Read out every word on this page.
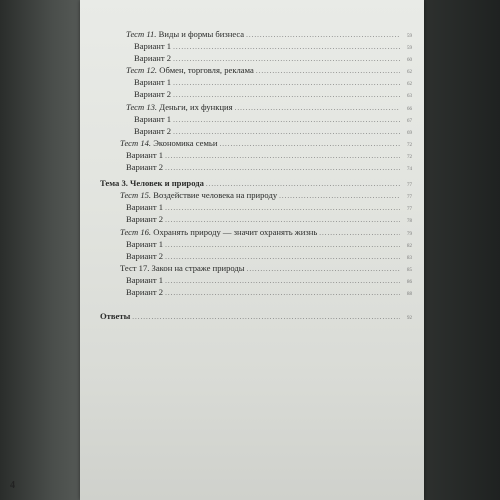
Тест 11. Виды и формы бизнеса .....	59
Вариант 1 .....	59
Вариант 2 .....	60
Тест 12. Обмен, торговля, реклама .....	62
Вариант 1 .....	62
Вариант 2 .....	63
Тест 13. Деньги, их функция .....	66
Вариант 1 .....	67
Вариант 2 .....	69
Тест 14. Экономика семьи .....	72
Вариант 1 .....	72
Вариант 2 .....	74
Тема 3. Человек и природа .....	77
Тест 15. Воздействие человека на природу .....	77
Вариант 1 .....	77
Вариант 2 .....	78
Тест 16. Охранять природу — значит охранять жизнь .....	79
Вариант 1 .....	82
Вариант 2 .....	83
Тест 17. Закон на страже природы .....	85
Вариант 1 .....	86
Вариант 2 .....	88
Ответы .....	92
4
